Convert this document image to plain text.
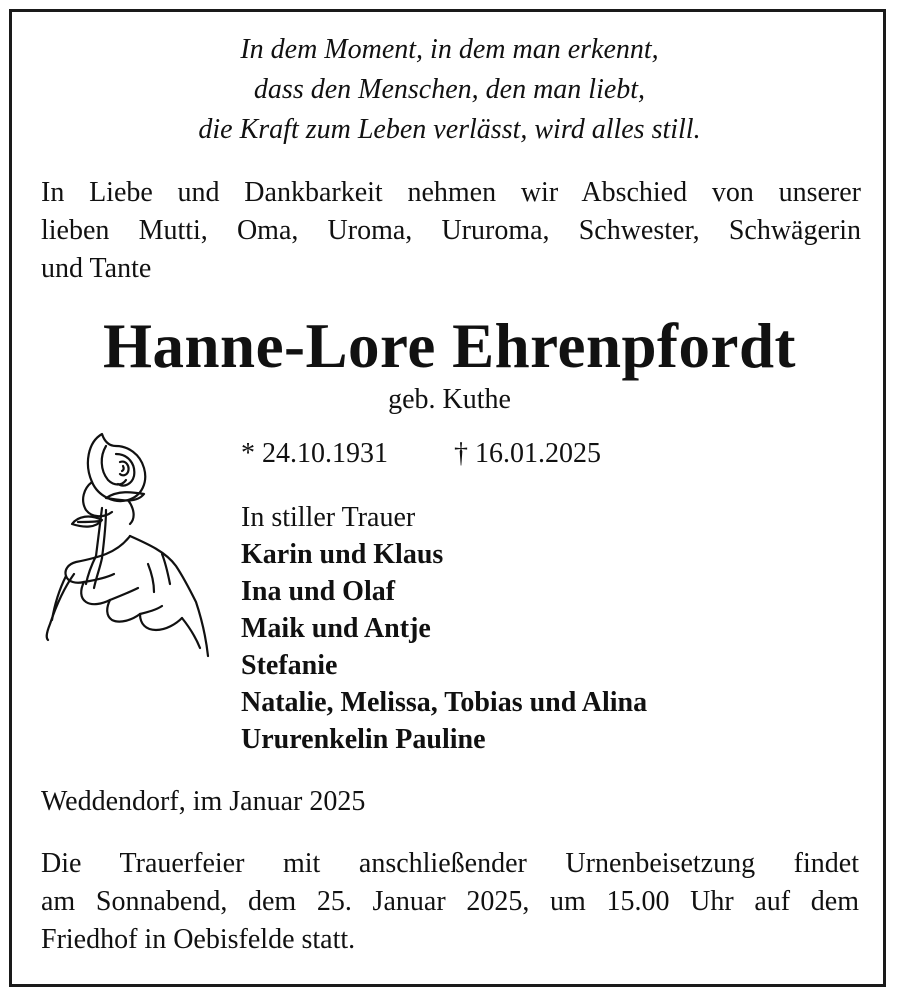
In dem Moment, in dem man erkennt,
dass den Menschen, den man liebt,
die Kraft zum Leben verlässt, wird alles still.
In Liebe und Dankbarkeit nehmen wir Abschied von unserer
lieben Mutti, Oma, Uroma, Ururoma, Schwester, Schwägerin
und Tante
Hanne-Lore Ehrenpfordt
geb. Kuthe
* 24.10.1931 † 16.01.2025
In stiller Trauer
Karin und Klaus
Ina und Olaf
Maik und Antje
Stefanie
Natalie, Melissa, Tobias und Alina
Ururenkelin Pauline
Weddendorf, im Januar 2025
Die Trauerfeier mit anschließender Urnenbeisetzung findet
am Sonnabend, dem 25. Januar 2025, um 15.00 Uhr auf dem
Friedhof in Oebisfelde statt.
